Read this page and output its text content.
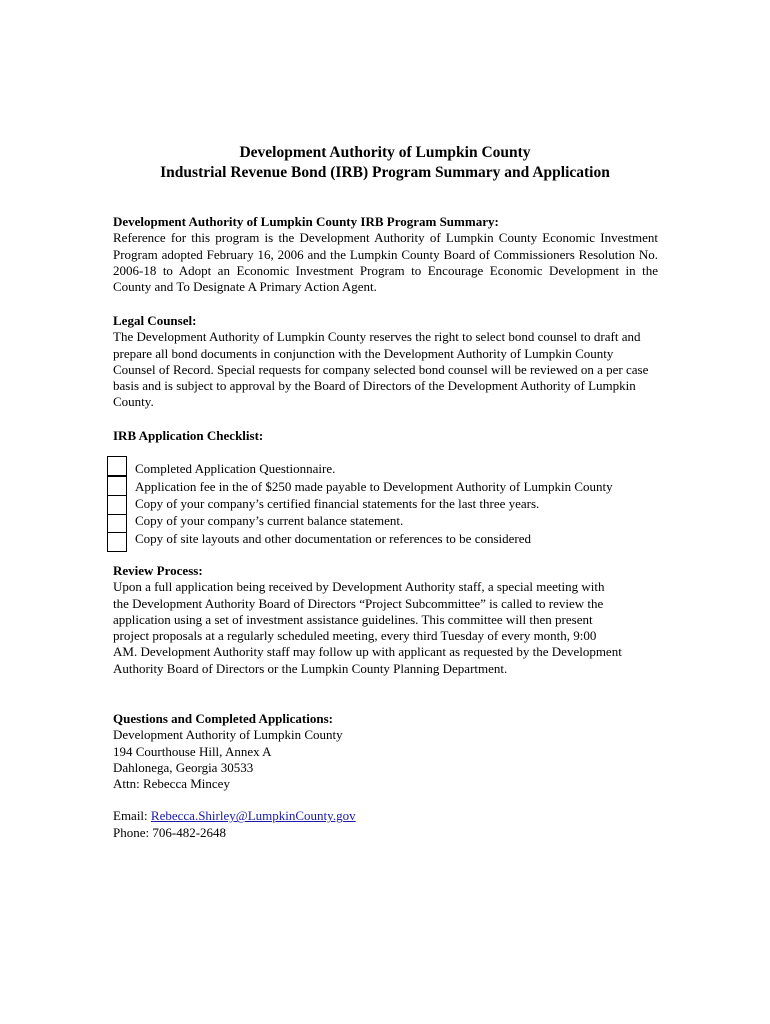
Development Authority of Lumpkin County
Industrial Revenue Bond (IRB) Program Summary and Application
Development Authority of Lumpkin County IRB Program Summary:
Reference for this program is the Development Authority of Lumpkin County Economic Investment Program adopted February 16, 2006 and the Lumpkin County Board of Commissioners Resolution No. 2006-18 to Adopt an Economic Investment Program to Encourage Economic Development in the County and To Designate A Primary Action Agent.
Legal Counsel:
The Development Authority of Lumpkin County reserves the right to select bond counsel to draft and prepare all bond documents in conjunction with the Development Authority of Lumpkin County Counsel of Record. Special requests for company selected bond counsel will be reviewed on a per case basis and is subject to approval by the Board of Directors of the Development Authority of Lumpkin County.
IRB Application Checklist:
Completed Application Questionnaire.
Application fee in the of $250 made payable to Development Authority of Lumpkin County
Copy of your company’s certified financial statements for the last three years.
Copy of your company’s current balance statement.
Copy of site layouts and other documentation or references to be considered
Review Process:
Upon a full application being received by Development Authority staff, a special meeting with
the Development Authority Board of Directors “Project Subcommittee” is called to review the
application using a set of investment assistance guidelines. This committee will then present
project proposals at a regularly scheduled meeting, every third Tuesday of every month, 9:00
AM. Development Authority staff may follow up with applicant as requested by the Development
Authority Board of Directors or the Lumpkin County Planning Department.
Questions and Completed Applications:
Development Authority of Lumpkin County
194 Courthouse Hill, Annex A
Dahlonega, Georgia 30533
Attn: Rebecca Mincey
Email: Rebecca.Shirley@LumpkinCounty.gov
Phone: 706-482-2648
